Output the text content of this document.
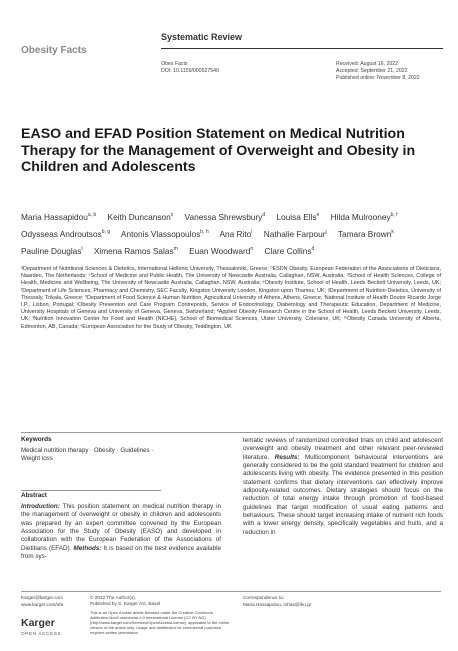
Obesity Facts
Systematic Review
Obes Facts
DOI: 10.1159/000527540
Received: August 16, 2022
Accepted: September 21, 2022
Published online: November 8, 2022
EASO and EFAD Position Statement on Medical Nutrition Therapy for the Management of Overweight and Obesity in Children and Adolescents
Maria Hassapidou$^{a, b}$ Keith Duncanson$^c$ Vanessa Shrewsbury$^d$ Louisa Ells$^e$ Hilda Mulrooney$^{b, f}$ Odysseas Androutsos$^{b, g}$ Antonis Vlassopoulos$^{b, h}$ Ana Rito$^i$ Nathalie Farpour$^j$ Tamara Brown$^k$ Pauline Douglas$^l$ Ximena Ramos Salas$^m$ Euan Woodward$^n$ Clare Collins$^d$
ᵃDepartment of Nutritional Sciences & Dietetics, International Hellenic University, Thessaloniki, Greece; ᵇESDN Obesity, European Federation of the Associations of Dieticians, Naarden, The Netherlands; ᶜSchool of Medicine and Public Health, The University of Newcastle Australia, Callaghan, NSW, Australia; ᵈSchool of Health Sciences, College of Health, Medicine and Wellbeing, The University of Newcastle Australia, Callaghan, NSW, Australia; ᵉObesity Institute, School of Health, Leeds Beckett University, Leeds, UK; ᶠDepartment of Life Sciences, Pharmacy and Chemistry, SEC Faculty, Kingston University London, Kingston upon Thames, UK; ᵍDepartment of Nutrition-Dietetics, University of Thessaly, Trikala, Greece; ʰDepartment of Food Science & Human Nutrition, Agricultural University of Athens, Athens, Greece; ⁱNational Institute of Health Doutor Ricardo Jorge I.P., Lisbon, Portugal; ʲObesity Prevention and Care Program Contrepoids, Service of Endocrinology, Diabetology and Therapeutic Education, Department of Medicine, University Hospitals of Geneva and University of Geneva, Geneva, Switzerland; ᵏApplied Obesity Research Centre in the School of Health, Leeds Beckett University, Leeds, UK; ˡNutrition Innovation Center for Food and Health (NICHE), School of Biomedical Sciences, Ulster University, Coleraine, UK; ᵐObesity Canada University of Alberta, Edmonton, AB, Canada; ⁿEuropean Association for the Study of Obesity, Teddington, UK
Keywords
Medical nutrition therapy · Obesity · Guidelines · Weight loss
Abstract
Introduction: This position statement on medical nutrition therapy in the management of overweight or obesity in children and adolescents was prepared by an expert committee convened by the European Association for the Study of Obesity (EASO) and developed in collaboration with the European Federation of the Associations of Dietitians (EFAD). Methods: It is based on the best evidence available from sys-
tematic reviews of randomized controlled trials on child and adolescent overweight and obesity treatment and other relevant peer-reviewed literature. Results: Multicomponent behavioural interventions are generally considered to be the gold standard treatment for children and adolescents living with obesity. The evidence presented in this position statement confirms that dietary interventions can effectively improve adiposity-related outcomes. Dietary strategies should focus on the reduction of total energy intake through promotion of food-based guidelines that target modification of usual eating patterns and behaviours. These should target increasing intake of nutrient rich foods with a lower energy density, specifically vegetables and fruits, and a reduction in
Karger@karger.com
www.karger.com/ofa
© 2022 The Author(s).
Published by S. Karger AG, Basel
This is an Open Access article licensed under the Creative Commons Attribution-NonCommercial-4.0 International License (CC BY-NC) (http://www.karger.com/Services/OpenAccessLicense), applicable to the online version of the article only. Usage and distribution for commercial purposes requires written permission.
Correspondence to:
Maria Hassapidou, mhas@ihu.gr
Karger
OPEN ACCESS
